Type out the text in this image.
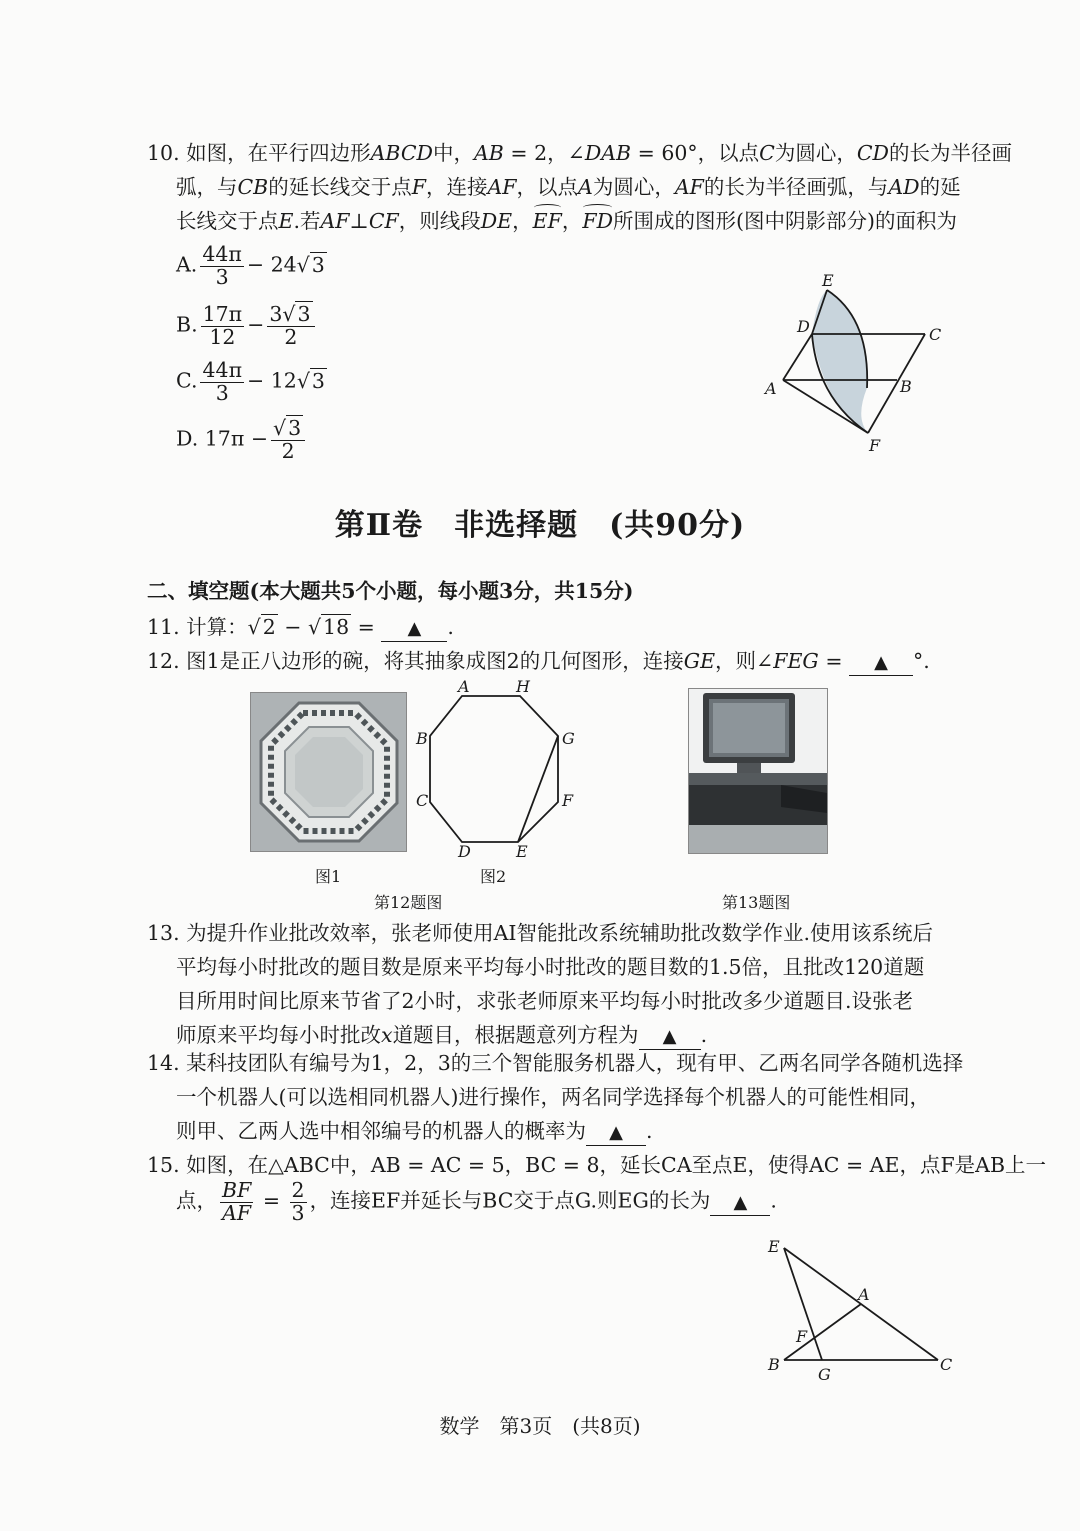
10. 如图，在平行四边形ABCD中，AB = 2，∠DAB = 60°，以点C为圆心，CD的长为半径画
弧，与CB的延长线交于点F，连接AF，以点A为圆心，AF的长为半径画弧，与AD的延
长线交于点E.若AF⊥CF，则线段DE，EF，FD所围成的图形(图中阴影部分)的面积为
A. $\frac{44\pi}{3} - 24√3$
B. $\frac{17\pi}{12} - \frac{3√3}{2}$
C. $\frac{44\pi}{3} - 12√3$
D. $17\pi - \frac{√3}{2}$
E
D	C
A	B
F
第Ⅱ卷　非选择题　(共90分)
二、填空题(本大题共5个小题，每小题3分，共15分)
11. 计算：√2 − √18 = ▲ .
12. 图1是正八边形的碗，将其抽象成图2的几何图形，连接GE，则∠FEG = ▲ °.
A	H
B	G
C	F
D	E
图1	图2
第12题图	第13题图
13. 为提升作业批改效率，张老师使用AI智能批改系统辅助批改数学作业.使用该系统后
平均每小时批改的题目数是原来平均每小时批改的题目数的1.5倍，且批改120道题
目所用时间比原来节省了2小时，求张老师原来平均每小时批改多少道题目.设张老
师原来平均每小时批改x道题目，根据题意列方程为 ▲ .
14. 某科技团队有编号为1，2，3的三个智能服务机器人，现有甲、乙两名同学各随机选择
一个机器人(可以选相同机器人)进行操作，两名同学选择每个机器人的可能性相同，
则甲、乙两人选中相邻编号的机器人的概率为 ▲ .
15. 如图，在△ABC中，AB = AC = 5，BC = 8，延长CA至点E，使得AC = AE，点F是AB上一
点， $\frac{BF}{AF} = \frac{2}{3}$ ，连接EF并延长与BC交于点G.则EG的长为 ▲ .
E
A
F
B
G
C
数学　第3页　(共8页)
